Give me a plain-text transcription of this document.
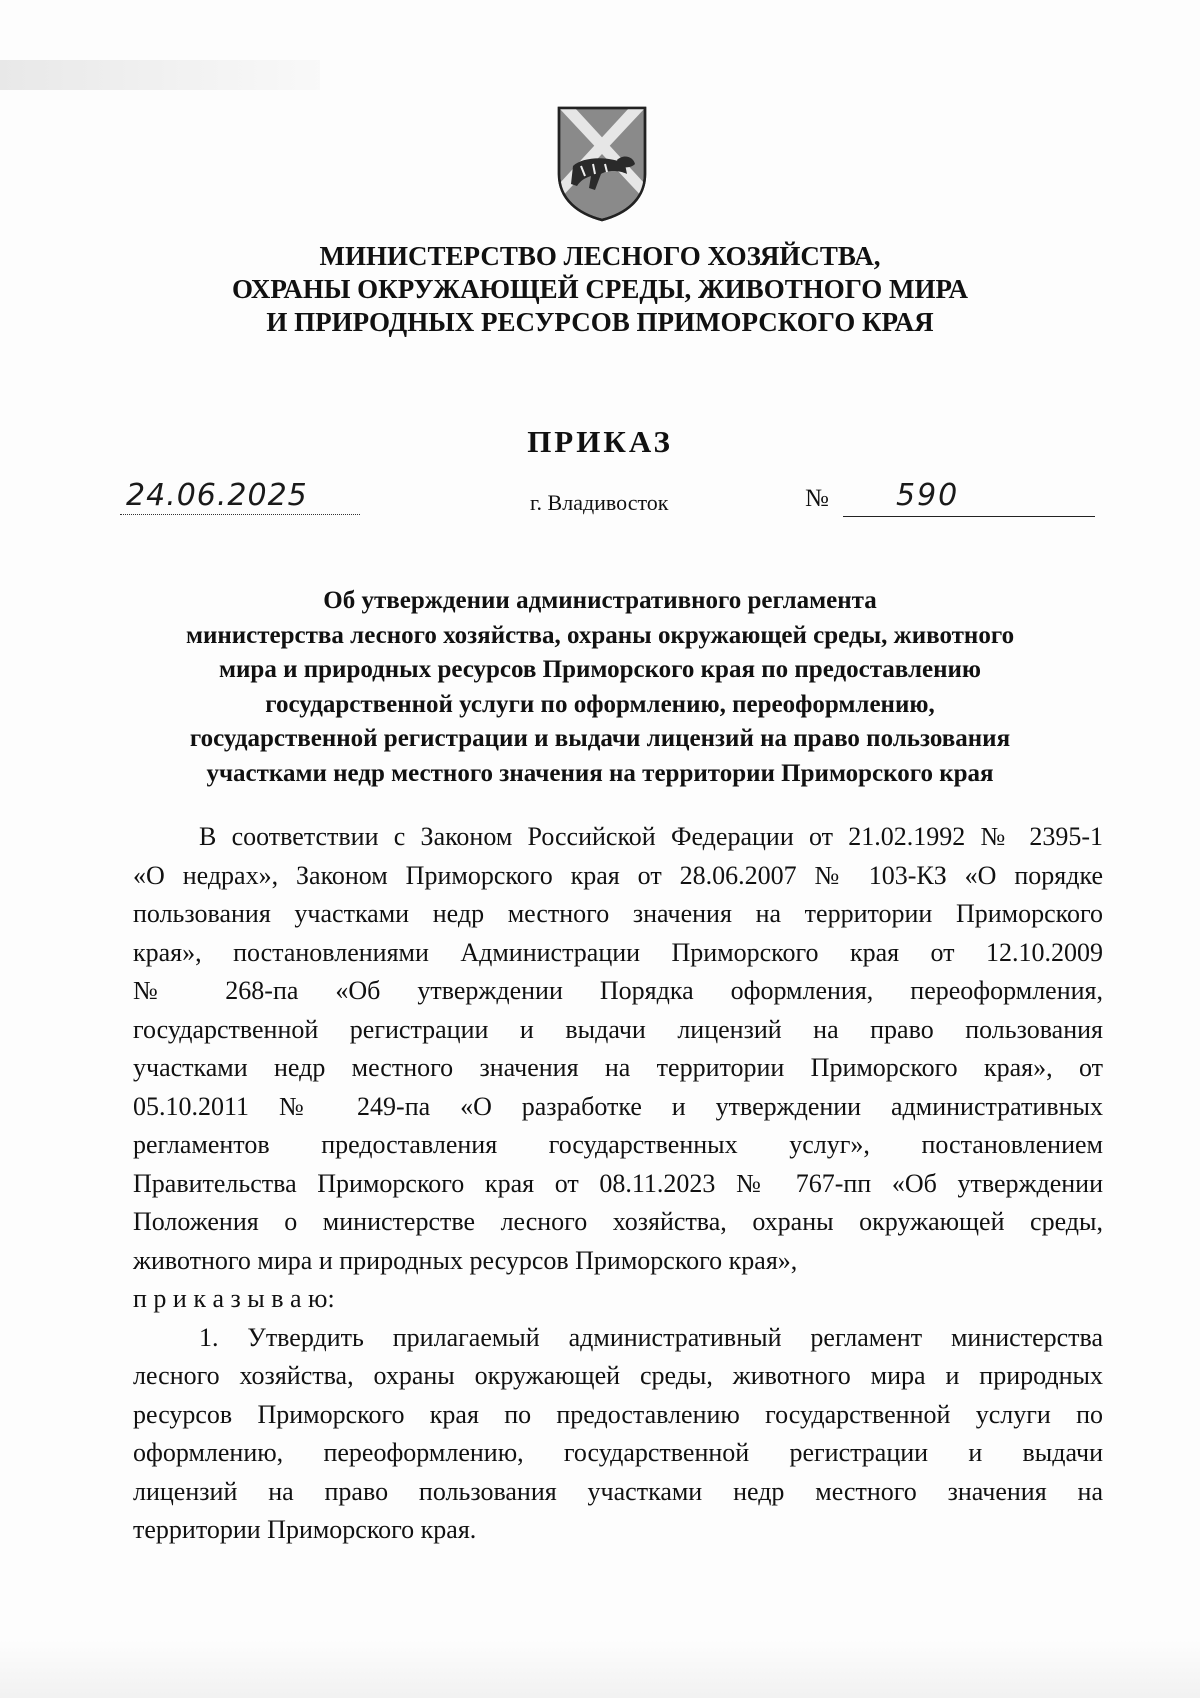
МИНИСТЕРСТВО ЛЕСНОГО ХОЗЯЙСТВА,
ОХРАНЫ ОКРУЖАЮЩЕЙ СРЕДЫ, ЖИВОТНОГО МИРА
И ПРИРОДНЫХ РЕСУРСОВ ПРИМОРСКОГО КРАЯ
ПРИКАЗ
24.06.2025	г. Владивосток	№ 590
Об утверждении административного регламента
министерства лесного хозяйства, охраны окружающей среды, животного
мира и природных ресурсов Приморского края по предоставлению
государственной услуги по оформлению, переоформлению,
государственной регистрации и выдачи лицензий на право пользования
участками недр местного значения на территории Приморского края
В соответствии с Законом Российской Федерации от 21.02.1992 № 2395-1
«О недрах», Законом Приморского края от 28.06.2007 № 103-КЗ «О порядке
пользования участками недр местного значения на территории Приморского
края», постановлениями Администрации Приморского края от 12.10.2009
№ 268-па «Об утверждении Порядка оформления, переоформления,
государственной регистрации и выдачи лицензий на право пользования
участками недр местного значения на территории Приморского края», от
05.10.2011 № 249-па «О разработке и утверждении административных
регламентов предоставления государственных услуг», постановлением
Правительства Приморского края от 08.11.2023 № 767-пп «Об утверждении
Положения о министерстве лесного хозяйства, охраны окружающей среды,
животного мира и природных ресурсов Приморского края»,
п р и к а з ы в а ю:
1. Утвердить прилагаемый административный регламент министерства
лесного хозяйства, охраны окружающей среды, животного мира и природных
ресурсов Приморского края по предоставлению государственной услуги по
оформлению, переоформлению, государственной регистрации и выдачи
лицензий на право пользования участками недр местного значения на
территории Приморского края.
